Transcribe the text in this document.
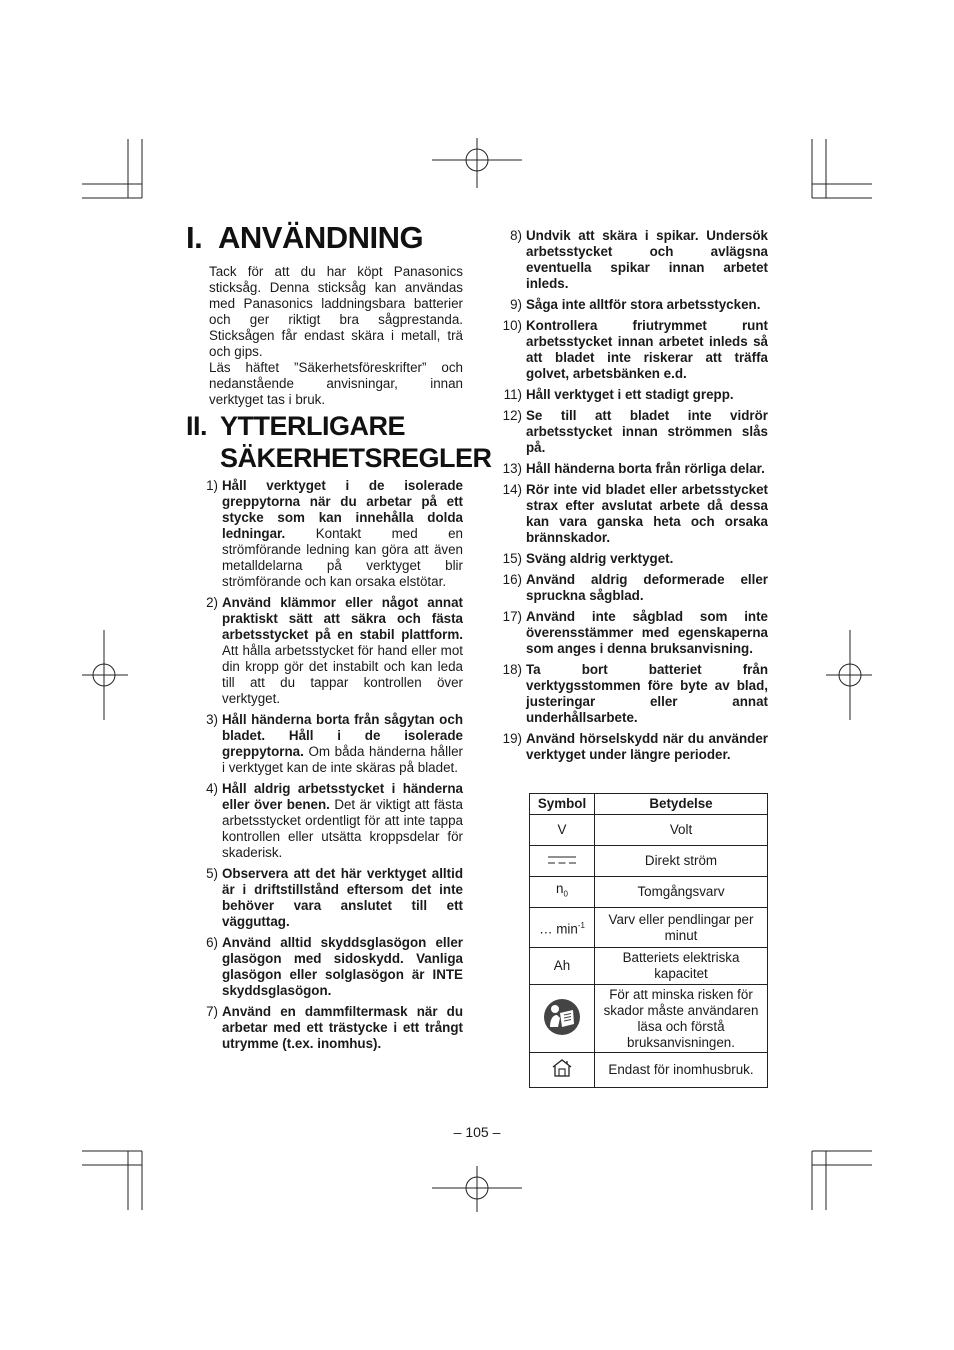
I. ANVÄNDNING

Tack för att du har köpt Panasonics sticksåg. Denna sticksåg kan användas med Panasonics laddningsbara batterier och ger riktigt bra sågprestanda. Sticksågen får endast skära i metall, trä och gips.

Läs häftet ”Säkerhetsföreskrifter” och nedanstående anvisningar, innan verktyget tas i bruk.

II. YTTERLIGARE
SÄKERHETSREGLER
1) Håll verktyget i de isolerade greppytorna när du arbetar på ett stycke som kan innehålla dolda ledningar. Kontakt med en strömförande ledning kan göra att även metalldelarna på verktyget blir strömförande och kan orsaka elstötar.
2) Använd klämmor eller något annat praktiskt sätt att säkra och fästa arbetsstycket på en stabil plattform. Att hålla arbetsstycket för hand eller mot din kropp gör det instabilt och kan leda till att du tappar kontrollen över verktyget.
3) Håll händerna borta från sågytan och bladet. Håll i de isolerade greppytorna. Om båda händerna håller i verktyget kan de inte skäras på bladet.
4) Håll aldrig arbetsstycket i händerna eller över benen. Det är viktigt att fästa arbetsstycket ordentligt för att inte tappa kontrollen eller utsätta kroppsdelar för skaderisk.
5) Observera att det här verktyget alltid är i driftstillstånd eftersom det inte behöver vara anslutet till ett vägguttag.
6) Använd alltid skyddsglasögon eller glasögon med sidoskydd. Vanliga glasögon eller solglasögon är INTE skyddsglasögon.
7) Använd en dammfiltermask när du arbetar med ett trästycke i ett trångt utrymme (t.ex. inomhus).
8) Undvik att skära i spikar. Undersök arbetsstycket och avlägsna eventuella spikar innan arbetet inleds.
9) Såga inte alltför stora arbetsstycken.
10) Kontrollera friutrymmet runt arbetsstycket innan arbetet inleds så att bladet inte riskerar att träffa golvet, arbetsbänken e.d.
11) Håll verktyget i ett stadigt grepp.
12) Se till att bladet inte vidrör arbetsstycket innan strömmen slås på.
13) Håll händerna borta från rörliga delar.
14) Rör inte vid bladet eller arbetsstycket strax efter avslutat arbete då dessa kan vara ganska heta och orsaka brännskador.
15) Sväng aldrig verktyget.
16) Använd aldrig deformerade eller spruckna sågblad.
17) Använd inte sågblad som inte överensstämmer med egenskaperna som anges i denna bruksanvisning.
18) Ta bort batteriet från verktygsstommen före byte av blad, justeringar eller annat underhållsarbete.
19) Använd hörselskydd när du använder verktyget under längre perioder.
Symbol	Betydelse
V	Volt
	Direkt ström
$n_0$	Tomgångsvarv
… $\min^{-1}$	Varv eller pendlingar per minut
Ah	Batteriets elektriska kapacitet
	För att minska risken för skador måste användaren läsa och förstå bruksanvisningen.
	Endast för inomhusbruk.
– 105 –
